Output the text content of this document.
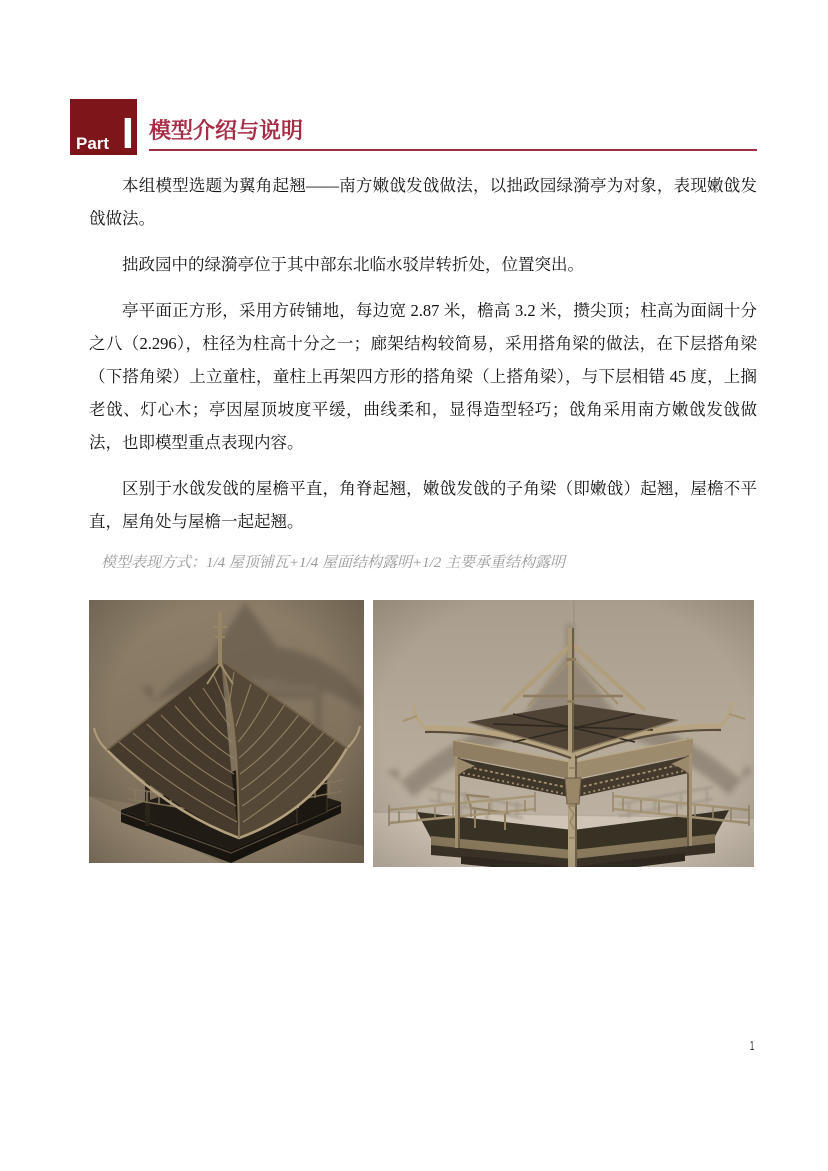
Part I 模型介绍与说明

本组模型选题为翼角起翘——南方嫩戗发戗做法，以拙政园绿漪亭为对象，表现嫩戗发戗做法。

拙政园中的绿漪亭位于其中部东北临水驳岸转折处，位置突出。

亭平面正方形，采用方砖铺地，每边宽 2.87 米，檐高 3.2 米，攒尖顶；柱高为面阔十分之八（2.296），柱径为柱高十分之一；廊架结构较简易，采用搭角梁的做法，在下层搭角梁（下搭角梁）上立童柱，童柱上再架四方形的搭角梁（上搭角梁），与下层相错 45 度，上搁老戗、灯心木；亭因屋顶坡度平缓，曲线柔和，显得造型轻巧；戗角采用南方嫩戗发戗做法，也即模型重点表现内容。

区别于水戗发戗的屋檐平直，角脊起翘，嫩戗发戗的子角梁（即嫩戗）起翘，屋檐不平直，屋角处与屋檐一起起翘。

模型表现方式：1/4 屋顶铺瓦+1/4 屋面结构露明+1/2 主要承重结构露明

1
